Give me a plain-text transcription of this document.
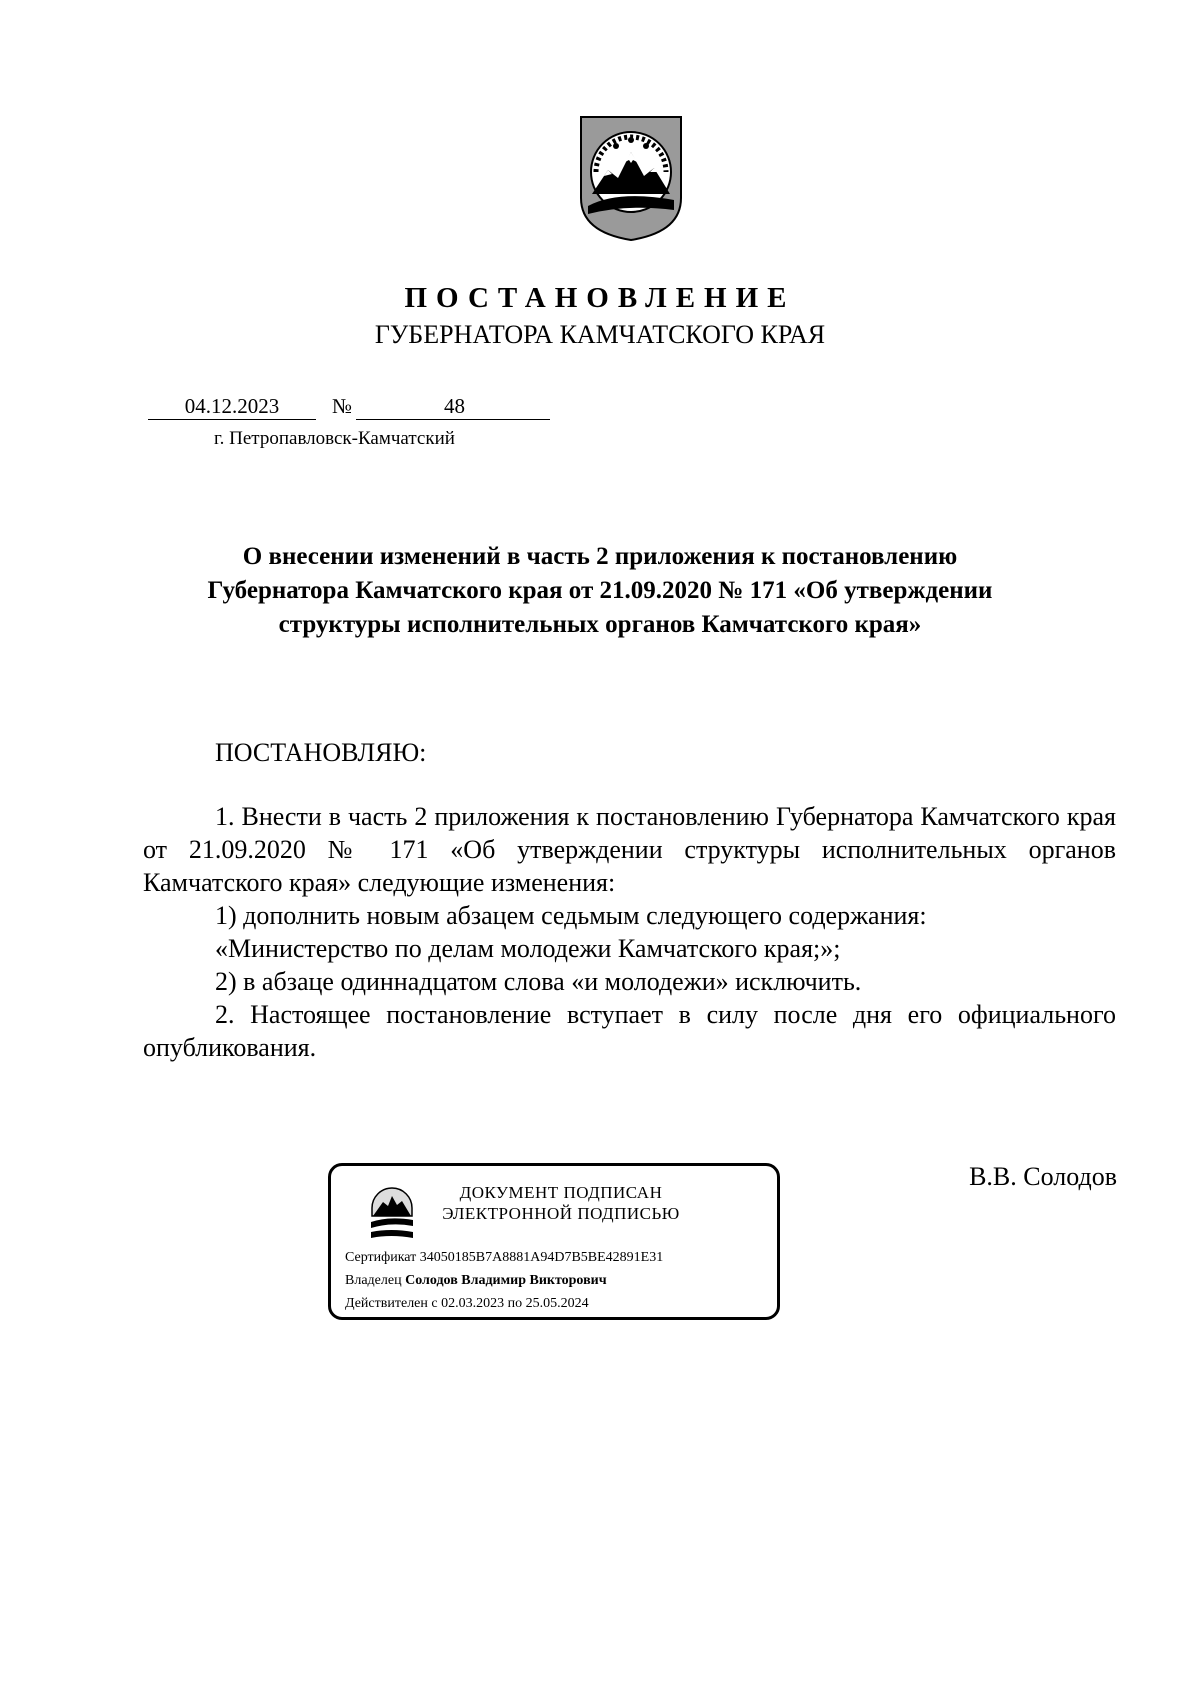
ПОСТАНОВЛЕНИЕ
ГУБЕРНАТОРА КАМЧАТСКОГО КРАЯ
04.12.2023	№	48
г. Петропавловск-Камчатский
О внесении изменений в часть 2 приложения к постановлению
Губернатора Камчатского края от 21.09.2020 № 171 «Об утверждении
структуры исполнительных органов Камчатского края»
ПОСТАНОВЛЯЮ:

1. Внести в часть 2 приложения к постановлению Губернатора Камчатского края от 21.09.2020 № 171 «Об утверждении структуры исполнительных органов Камчатского края» следующие изменения:

1) дополнить новым абзацем седьмым следующего содержания:

«Министерство по делам молодежи Камчатского края;»;

2) в абзаце одиннадцатом слова «и молодежи» исключить.

2. Настоящее постановление вступает в силу после дня его официального опубликования.

В.В. Солодов
ДОКУМЕНТ ПОДПИСАН
ЭЛЕКТРОННОЙ ПОДПИСЬЮ
Сертификат 34050185B7A8881A94D7B5BE42891E31
Владелец Солодов Владимир Викторович
Действителен с 02.03.2023 по 25.05.2024
